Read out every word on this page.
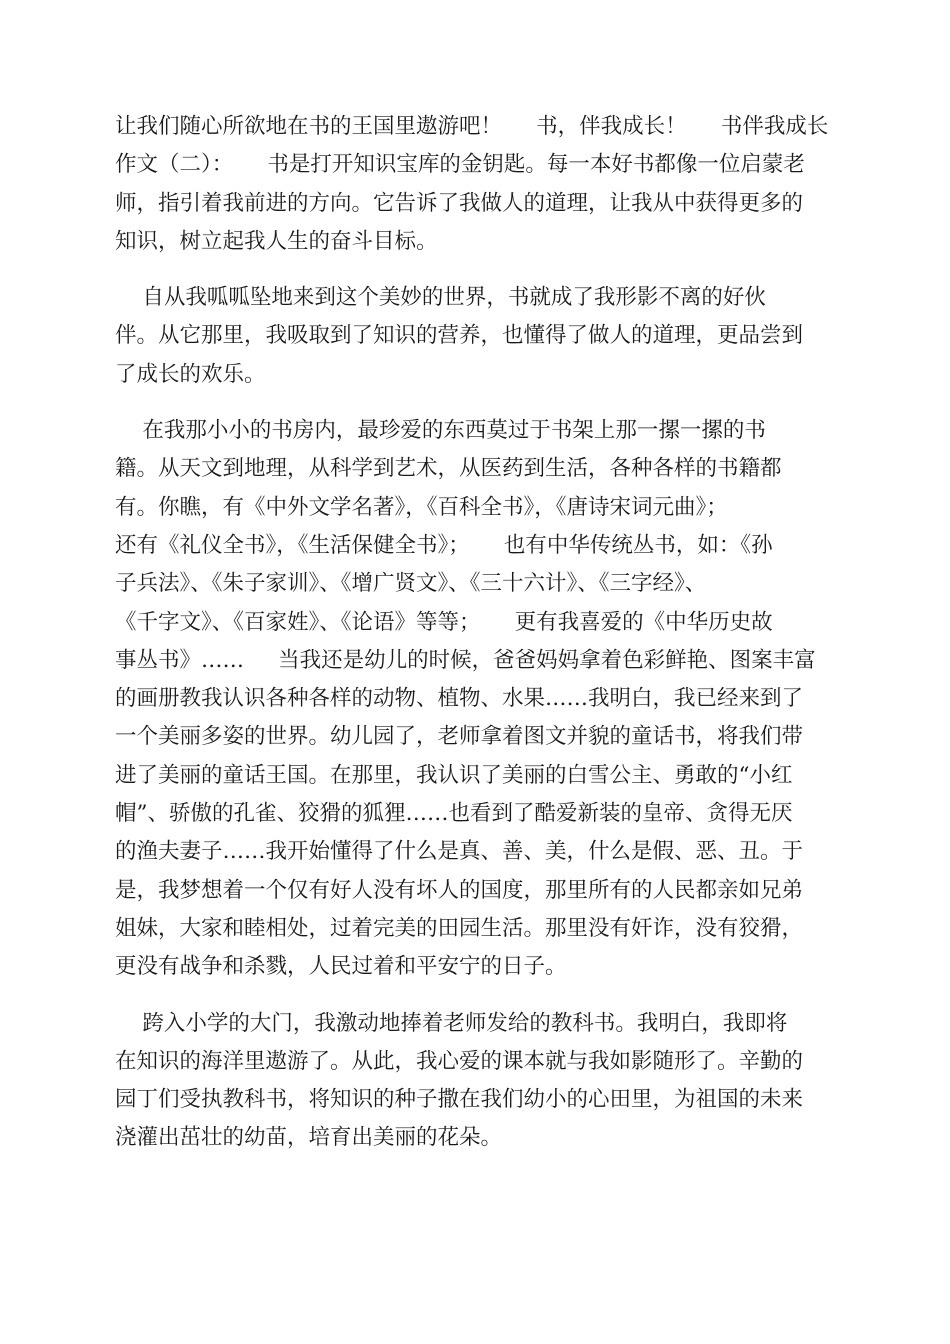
让我们随心所欲地在书的王国里遨游吧！     书，伴我成长！     书伴我成长
作文（二）：     书是打开知识宝库的金钥匙。每一本好书都像一位启蒙老
师，指引着我前进的方向。它告诉了我做人的道理，让我从中获得更多的
知识，树立起我人生的奋斗目标。
自从我呱呱坠地来到这个美妙的世界，书就成了我形影不离的好伙
伴。从它那里，我吸取到了知识的营养，也懂得了做人的道理，更品尝到
了成长的欢乐。
在我那小小的书房内，最珍爱的东西莫过于书架上那一摞一摞的书
籍。从天文到地理，从科学到艺术，从医药到生活，各种各样的书籍都
有。你瞧，有《中外文学名著》，《百科全书》，《唐诗宋词元曲》；
还有《礼仪全书》，《生活保健全书》；     也有中华传统丛书，如：《孙
子兵法》、《朱子家训》、《增广贤文》、《三十六计》、《三字经》、
《千字文》、《百家姓》、《论语》等等；     更有我喜爱的《中华历史故
事丛书》……     当我还是幼儿的时候，爸爸妈妈拿着色彩鲜艳、图案丰富
的画册教我认识各种各样的动物、植物、水果……我明白，我已经来到了
一个美丽多姿的世界。幼儿园了，老师拿着图文并貌的童话书，将我们带
进了美丽的童话王国。在那里，我认识了美丽的白雪公主、勇敢的“小红
帽”、骄傲的孔雀、狡猾的狐狸……也看到了酷爱新装的皇帝、贪得无厌
的渔夫妻子……我开始懂得了什么是真、善、美，什么是假、恶、丑。于
是，我梦想着一个仅有好人没有坏人的国度，那里所有的人民都亲如兄弟
姐妹，大家和睦相处，过着完美的田园生活。那里没有奸诈，没有狡猾，
更没有战争和杀戮，人民过着和平安宁的日子。
跨入小学的大门，我激动地捧着老师发给的教科书。我明白，我即将
在知识的海洋里遨游了。从此，我心爱的课本就与我如影随形了。辛勤的
园丁们受执教科书，将知识的种子撒在我们幼小的心田里，为祖国的未来
浇灌出茁壮的幼苗，培育出美丽的花朵。
